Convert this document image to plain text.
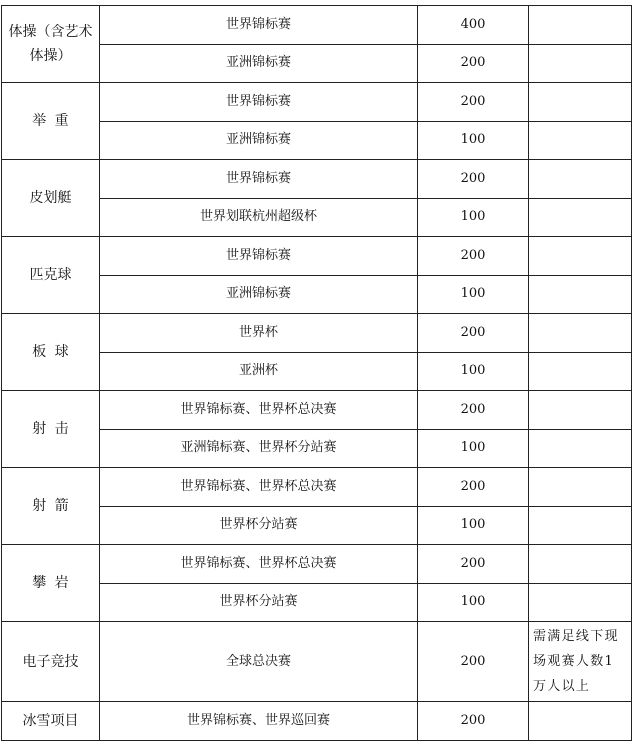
体操（含艺术体操）	世界锦标赛	400	
	亚洲锦标赛	200	
举重	世界锦标赛	200	
	亚洲锦标赛	100	
皮划艇	世界锦标赛	200	
	世界划联杭州超级杯	100	
匹克球	世界锦标赛	200	
	亚洲锦标赛	100	
板球	世界杯	200	
	亚洲杯	100	
射击	世界锦标赛、世界杯总决赛	200	
	亚洲锦标赛、世界杯分站赛	100	
射箭	世界锦标赛、世界杯总决赛	200	
	世界杯分站赛	100	
攀岩	世界锦标赛、世界杯总决赛	200	
	世界杯分站赛	100	
电子竞技	全球总决赛	200	需满足线下现场观赛人数1万人以上
冰雪项目	世界锦标赛、世界巡回赛	200	
